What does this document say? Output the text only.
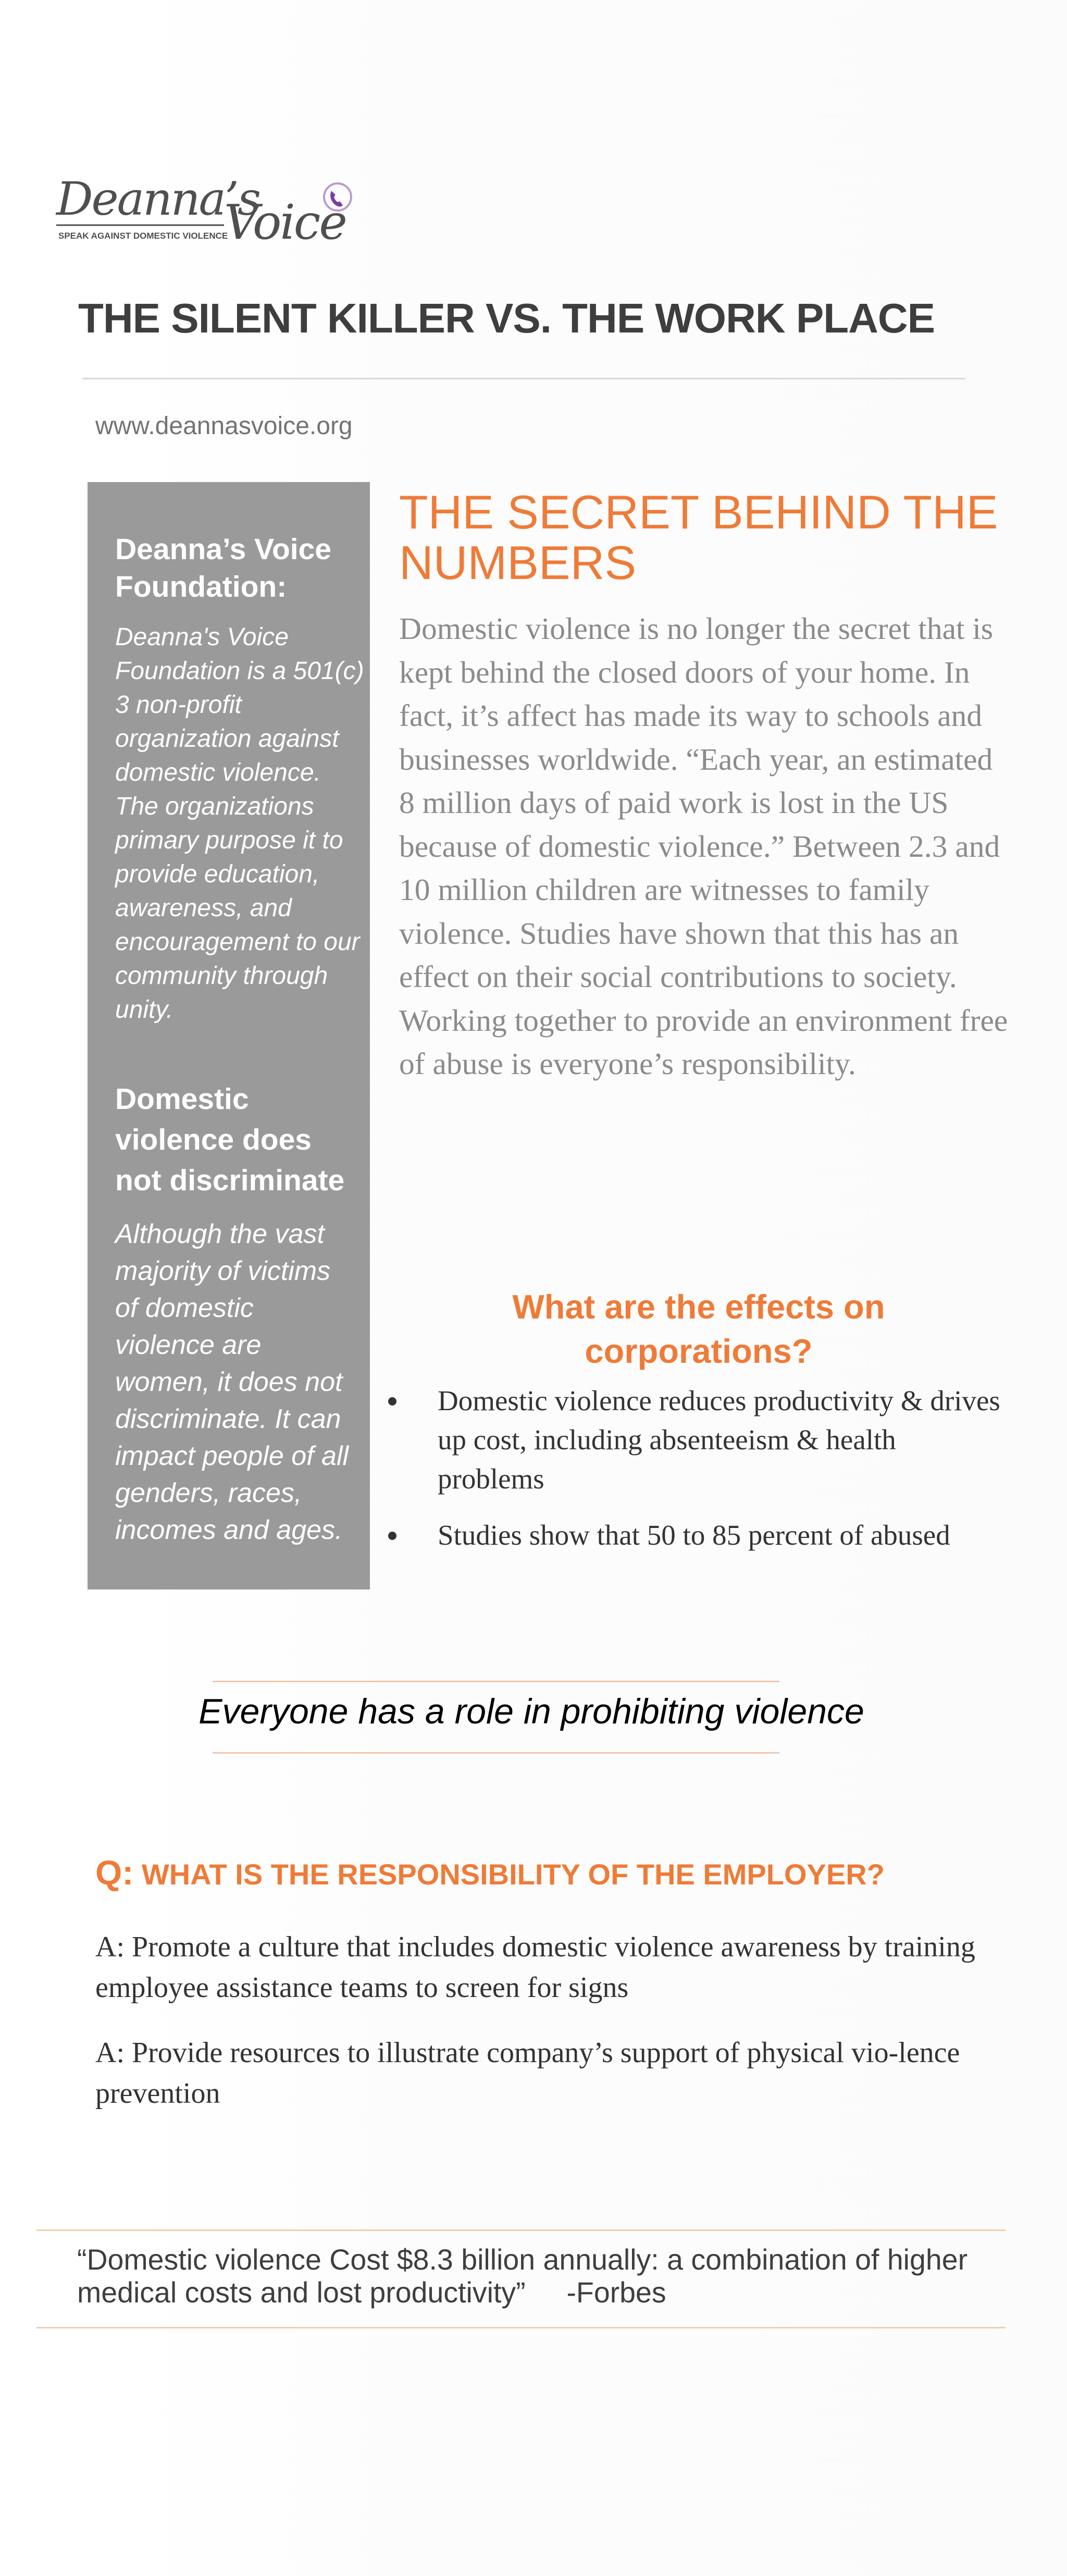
Deanna’s
Voice
SPEAK AGAINST DOMESTIC VIOLENCE
THE SILENT KILLER VS. THE WORK PLACE
www.deannasvoice.org
Deanna’s Voice Foundation:
Deanna's Voice Foundation is a 501(c) 3 non-profit organization against domestic violence. The organizations primary purpose it to provide education, awareness, and encouragement to our community through unity.
Domestic violence does not discriminate
Although the vast majority of victims of domestic violence are women, it does not discriminate. It can impact people of all genders, races, incomes and ages.
THE SECRET BEHIND THE NUMBERS
Domestic violence is no longer the secret that is kept behind the closed doors of your home. In fact, it’s affect has made its way to schools and businesses worldwide. “Each year, an estimated 8 million days of paid work is lost in the US because of domestic violence.” Between 2.3 and 10 million children are witnesses to family violence. Studies have shown that this has an effect on their social contributions to society. Working together to provide an environment free of abuse is everyone’s responsibility.
What are the effects on corporations?
Domestic violence reduces productivity & drives up cost, including absenteeism & health problems
Studies show that 50 to 85 percent of abused
Everyone has a role in prohibiting violence
Q: WHAT IS THE RESPONSIBILITY OF THE EMPLOYER?
A: Promote a culture that includes domestic violence awareness by training employee assistance teams to screen for signs
A: Provide resources to illustrate company’s support of physical vio-lence prevention
“Domestic violence Cost $8.3 billion annually: a combination of higher medical costs and lost productivity” -Forbes
